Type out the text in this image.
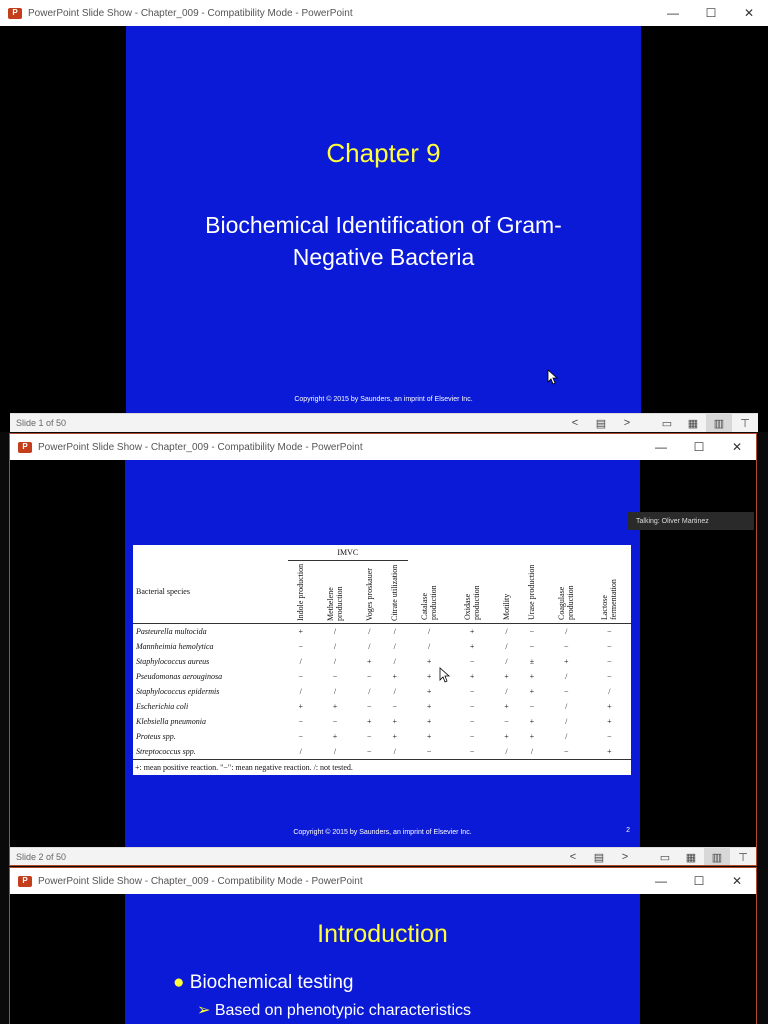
P PowerPoint Slide Show - Chapter_009 - Compatibility Mode - PowerPoint	—	☐	✕
Chapter 9
Biochemical Identification of Gram-
Negative Bacteria
Copyright © 2015 by Saunders, an imprint of Elsevier Inc.
Slide 1 of 50	<	▤	>	▭	▦	▥	⊤
P PowerPoint Slide Show - Chapter_009 - Compatibility Mode - PowerPoint	—	☐	✕
	IMVC									
Bacterial species	Indole production	Methelene production	Voges proskauer	Citrate utilization	Catalase production	Oxidase production	Motility	Urase production	Coagulase production	Lactose fermentation
Pasteurella multocida	+	/	/	/	/	+	/	−	/	−
Mannheimia hemolytica	−	/	/	/	/	+	/	−	−	−
Staphylococcus aureus	/	/	+	/	+	−	/	±	+	−
Pseudomonas aerouginosa	−	−	−	+	+	+	+	+	/	−
Staphylococcus epidermis	/	/	/	/	+	−	/	+	−	/
Escherichia coli	+	+	−	−	+	−	+	−	/	+
Klebsiella pneumonia	−	−	+	+	+	−	−	+	/	+
Proteus spp.	−	+	−	+	+	−	+	+	/	−
Streptococcus spp.	/	/	−	/	−	−	/	/	−	+
+: mean positive reaction. "−": mean negative reaction. /: not tested.										
Copyright © 2015 by Saunders, an imprint of Elsevier Inc.	2
Talking: Oliver Martinez
Slide 2 of 50	<	▤	>	▭	▦	▥	⊤
P PowerPoint Slide Show - Chapter_009 - Compatibility Mode - PowerPoint	—	☐	✕
Introduction
● Biochemical testing
➢ Based on phenotypic characteristics
